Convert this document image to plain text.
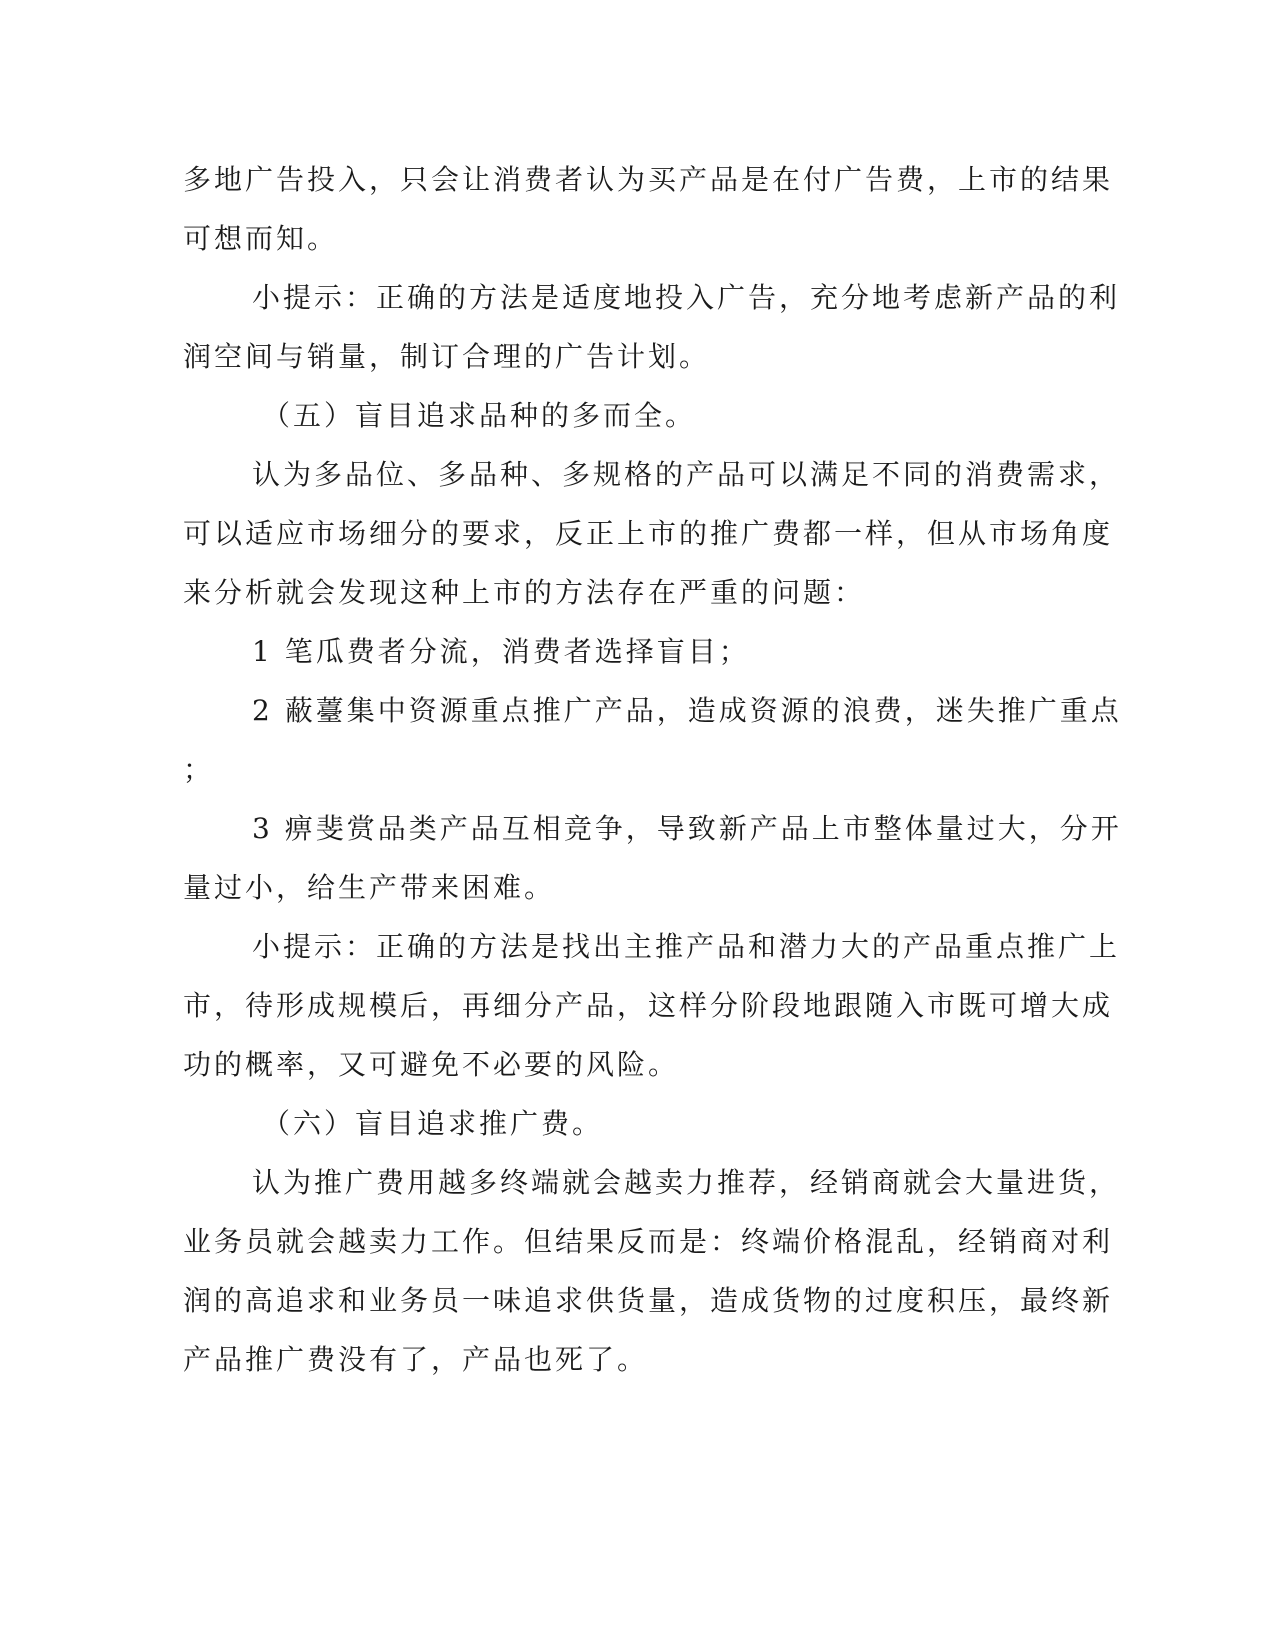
多地广告投入，只会让消费者认为买产品是在付广告费，上市的结果
可想而知。
小提示：正确的方法是适度地投入广告，充分地考虑新产品的利
润空间与销量，制订合理的广告计划。
（五）盲目追求品种的多而全。
认为多品位、多品种、多规格的产品可以满足不同的消费需求，
可以适应市场细分的要求，反正上市的推广费都一样，但从市场角度
来分析就会发现这种上市的方法存在严重的问题：
1 笔瓜费者分流，消费者选择盲目；
2 蔽薹集中资源重点推广产品，造成资源的浪费，迷失推广重点
；
3 痹斐赏品类产品互相竞争，导致新产品上市整体量过大，分开
量过小，给生产带来困难。
小提示：正确的方法是找出主推产品和潜力大的产品重点推广上
市，待形成规模后，再细分产品，这样分阶段地跟随入市既可增大成
功的概率，又可避免不必要的风险。
（六）盲目追求推广费。
认为推广费用越多终端就会越卖力推荐，经销商就会大量进货，
业务员就会越卖力工作。但结果反而是：终端价格混乱，经销商对利
润的高追求和业务员一味追求供货量，造成货物的过度积压，最终新
产品推广费没有了，产品也死了。
